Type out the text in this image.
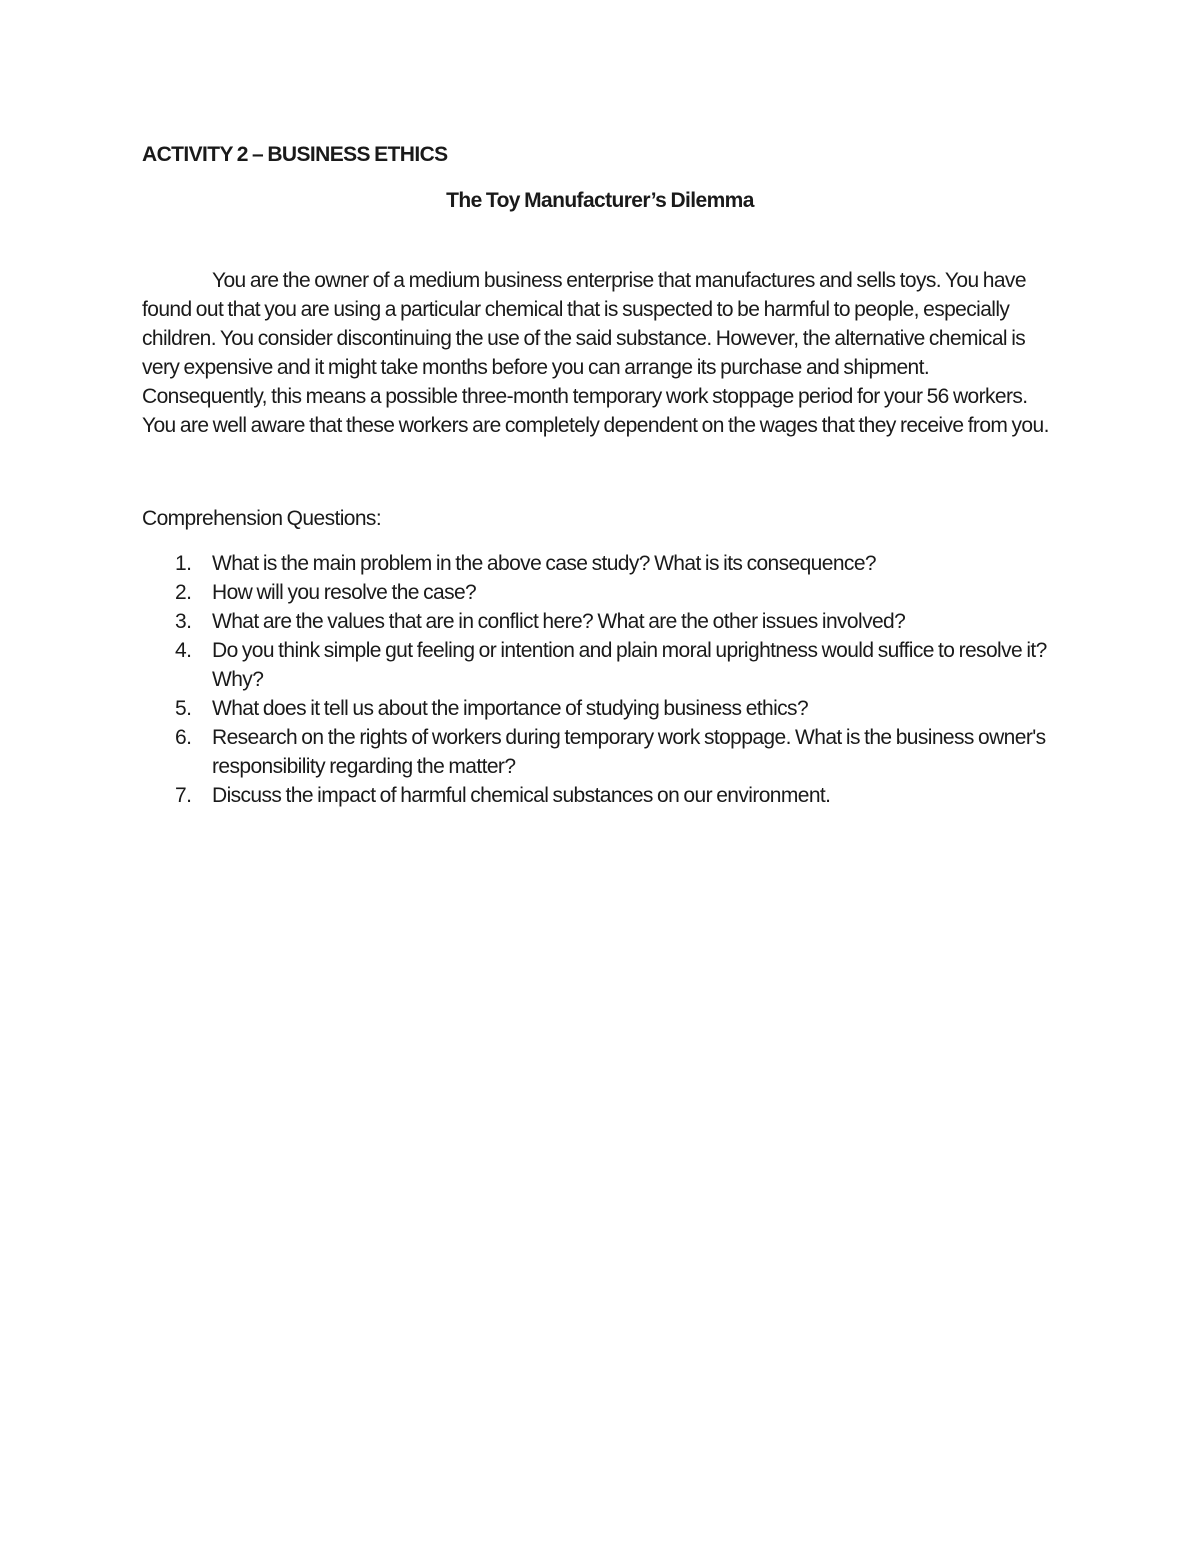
ACTIVITY 2 – BUSINESS ETHICS
The Toy Manufacturer’s Dilemma

You are the owner of a medium business enterprise that manufactures and sells toys. You have found out that you are using a particular chemical that is suspected to be harmful to people, especially children. You consider discontinuing the use of the said substance. However, the alternative chemical is very expensive and it might take months before you can arrange its purchase and shipment. Consequently, this means a possible three-month temporary work stoppage period for your 56 workers. You are well aware that these workers are completely dependent on the wages that they receive from you.

Comprehension Questions:
1. What is the main problem in the above case study? What is its consequence?
2. How will you resolve the case?
3. What are the values that are in conflict here? What are the other issues involved?
4. Do you think simple gut feeling or intention and plain moral uprightness would suffice to resolve it? Why?
5. What does it tell us about the importance of studying business ethics?
6. Research on the rights of workers during temporary work stoppage. What is the business owner's responsibility regarding the matter?
7. Discuss the impact of harmful chemical substances on our environment.
